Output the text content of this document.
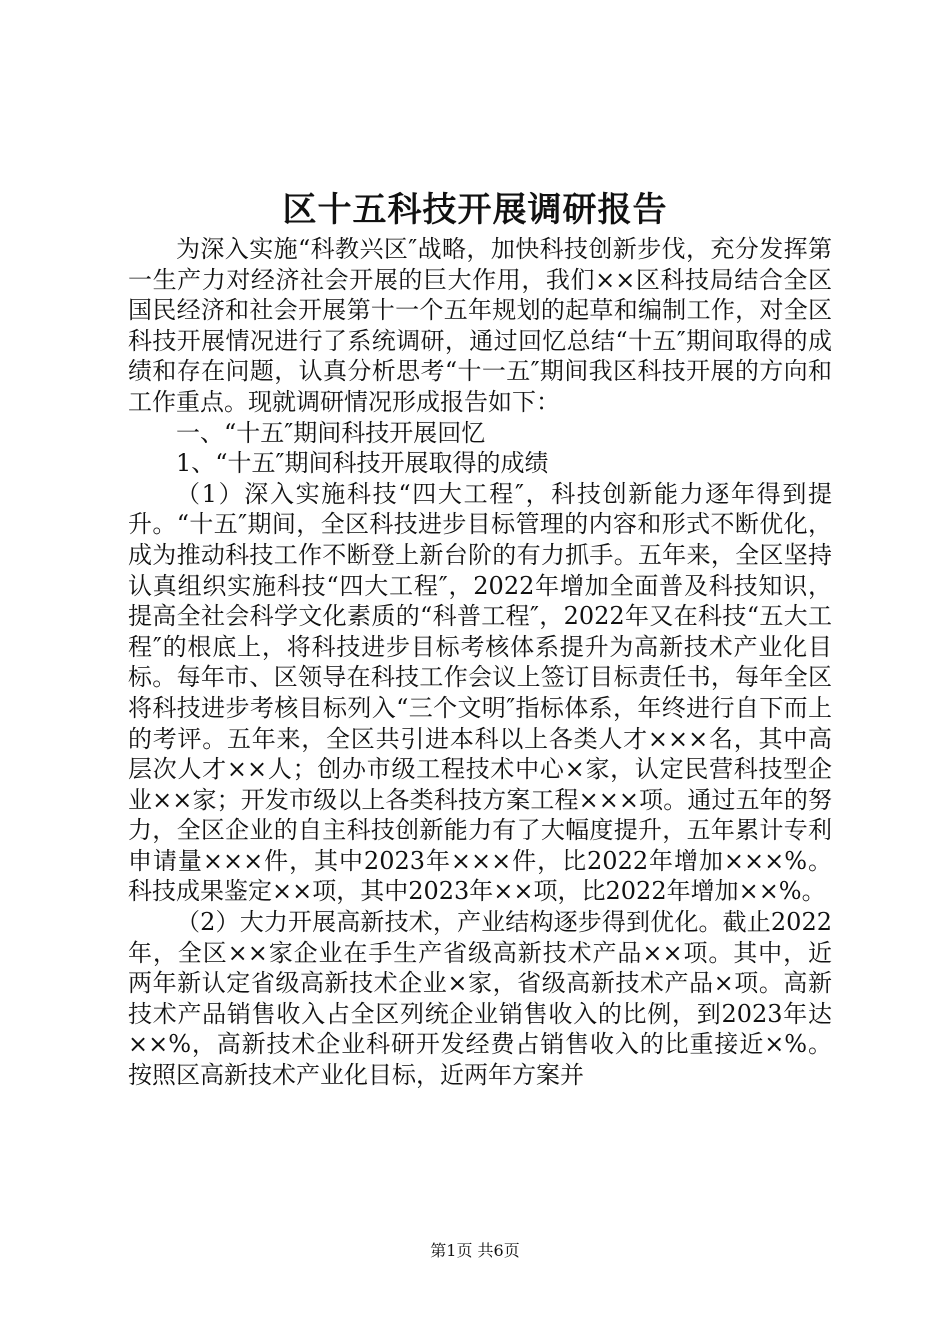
区十五科技开展调研报告

为深入实施“科教兴区″战略，加快科技创新步伐，充分发挥第一生产力对经济社会开展的巨大作用，我们××区科技局结合全区国民经济和社会开展第十一个五年规划的起草和编制工作，对全区科技开展情况进行了系统调研，通过回忆总结“十五″期间取得的成绩和存在问题，认真分析思考“十一五″期间我区科技开展的方向和工作重点。现就调研情况形成报告如下：

一、“十五″期间科技开展回忆

1、“十五″期间科技开展取得的成绩

（1）深入实施科技“四大工程″，科技创新能力逐年得到提升。“十五″期间，全区科技进步目标管理的内容和形式不断优化，成为推动科技工作不断登上新台阶的有力抓手。五年来，全区坚持认真组织实施科技“四大工程″，2022年增加全面普及科技知识，提高全社会科学文化素质的“科普工程″，2022年又在科技“五大工程″的根底上，将科技进步目标考核体系提升为高新技术产业化目标。每年市、区领导在科技工作会议上签订目标责任书，每年全区将科技进步考核目标列入“三个文明″指标体系，年终进行自下而上的考评。五年来，全区共引进本科以上各类人才×××名，其中高层次人才××人；创办市级工程技术中心×家，认定民营科技型企业××家；开发市级以上各类科技方案工程×××项。通过五年的努力，全区企业的自主科技创新能力有了大幅度提升，五年累计专利申请量×××件，其中2023年×××件，比2022年增加×××%。科技成果鉴定××项，其中2023年××项，比2022年增加××%。

（2）大力开展高新技术，产业结构逐步得到优化。截止2022年，全区××家企业在手生产省级高新技术产品××项。其中，近两年新认定省级高新技术企业×家，省级高新技术产品×项。高新技术产品销售收入占全区列统企业销售收入的比例，到2023年达××%，高新技术企业科研开发经费占销售收入的比重接近×%。按照区高新技术产业化目标，近两年方案并

第1页 共6页
